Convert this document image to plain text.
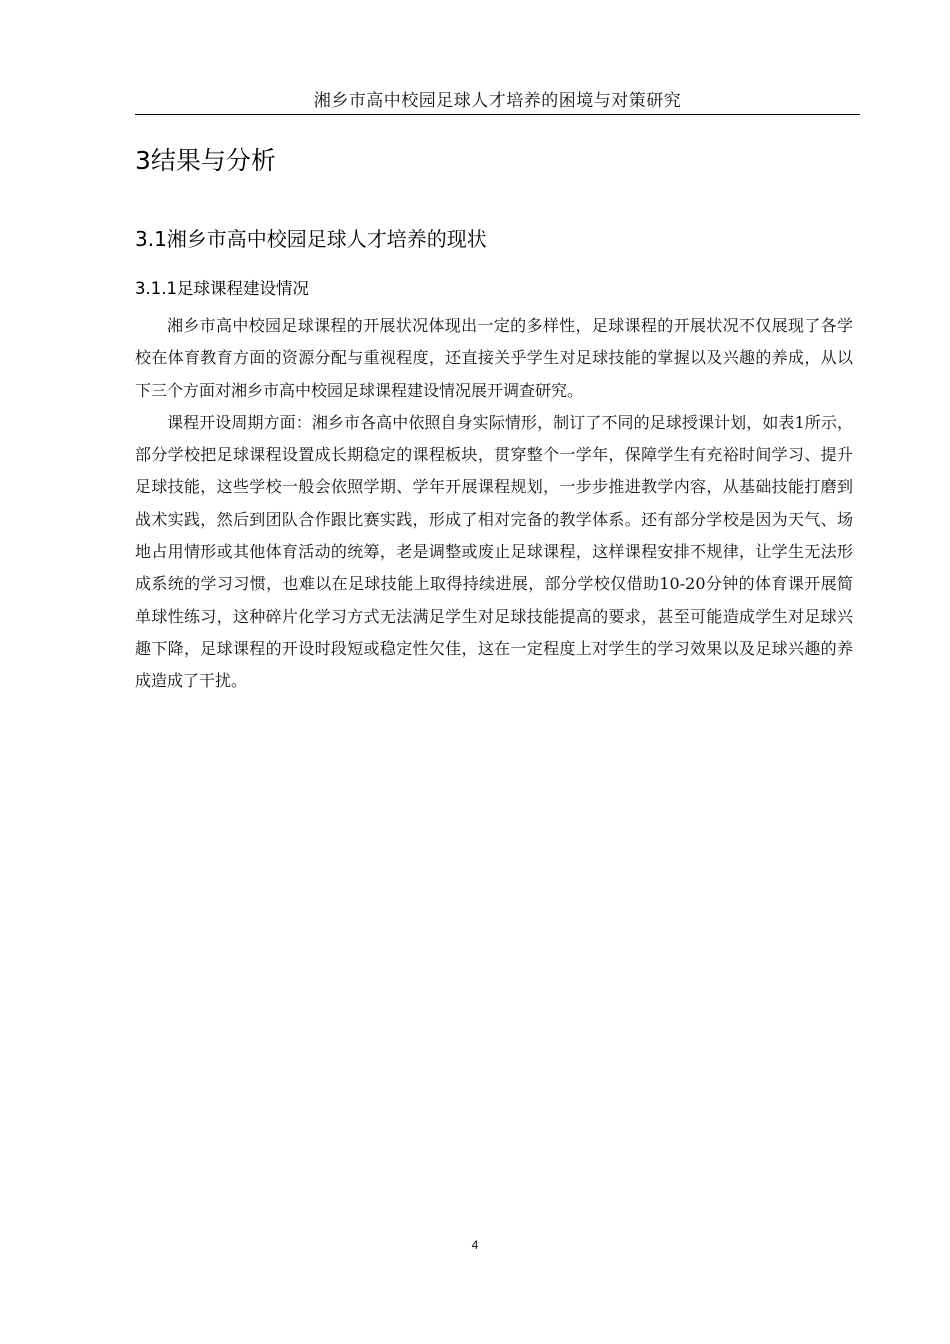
湘乡市高中校园足球人才培养的困境与对策研究
3结果与分析
3.1湘乡市高中校园足球人才培养的现状
3.1.1足球课程建设情况

湘乡市高中校园足球课程的开展状况体现出一定的多样性，足球课程的开展状况不仅展现了各学校在体育教育方面的资源分配与重视程度，还直接关乎学生对足球技能的掌握以及兴趣的养成，从以下三个方面对湘乡市高中校园足球课程建设情况展开调查研究。

课程开设周期方面：湘乡市各高中依照自身实际情形，制订了不同的足球授课计划，如表1所示，部分学校把足球课程设置成长期稳定的课程板块，贯穿整个一学年，保障学生有充裕时间学习、提升足球技能，这些学校一般会依照学期、学年开展课程规划，一步步推进教学内容，从基础技能打磨到战术实践，然后到团队合作跟比赛实践，形成了相对完备的教学体系。还有部分学校是因为天气、场地占用情形或其他体育活动的统筹，老是调整或废止足球课程，这样课程安排不规律，让学生无法形成系统的学习习惯，也难以在足球技能上取得持续进展，部分学校仅借助10-20分钟的体育课开展简单球性练习，这种碎片化学习方式无法满足学生对足球技能提高的要求，甚至可能造成学生对足球兴趣下降，足球课程的开设时段短或稳定性欠佳，这在一定程度上对学生的学习效果以及足球兴趣的养成造成了干扰。

4
